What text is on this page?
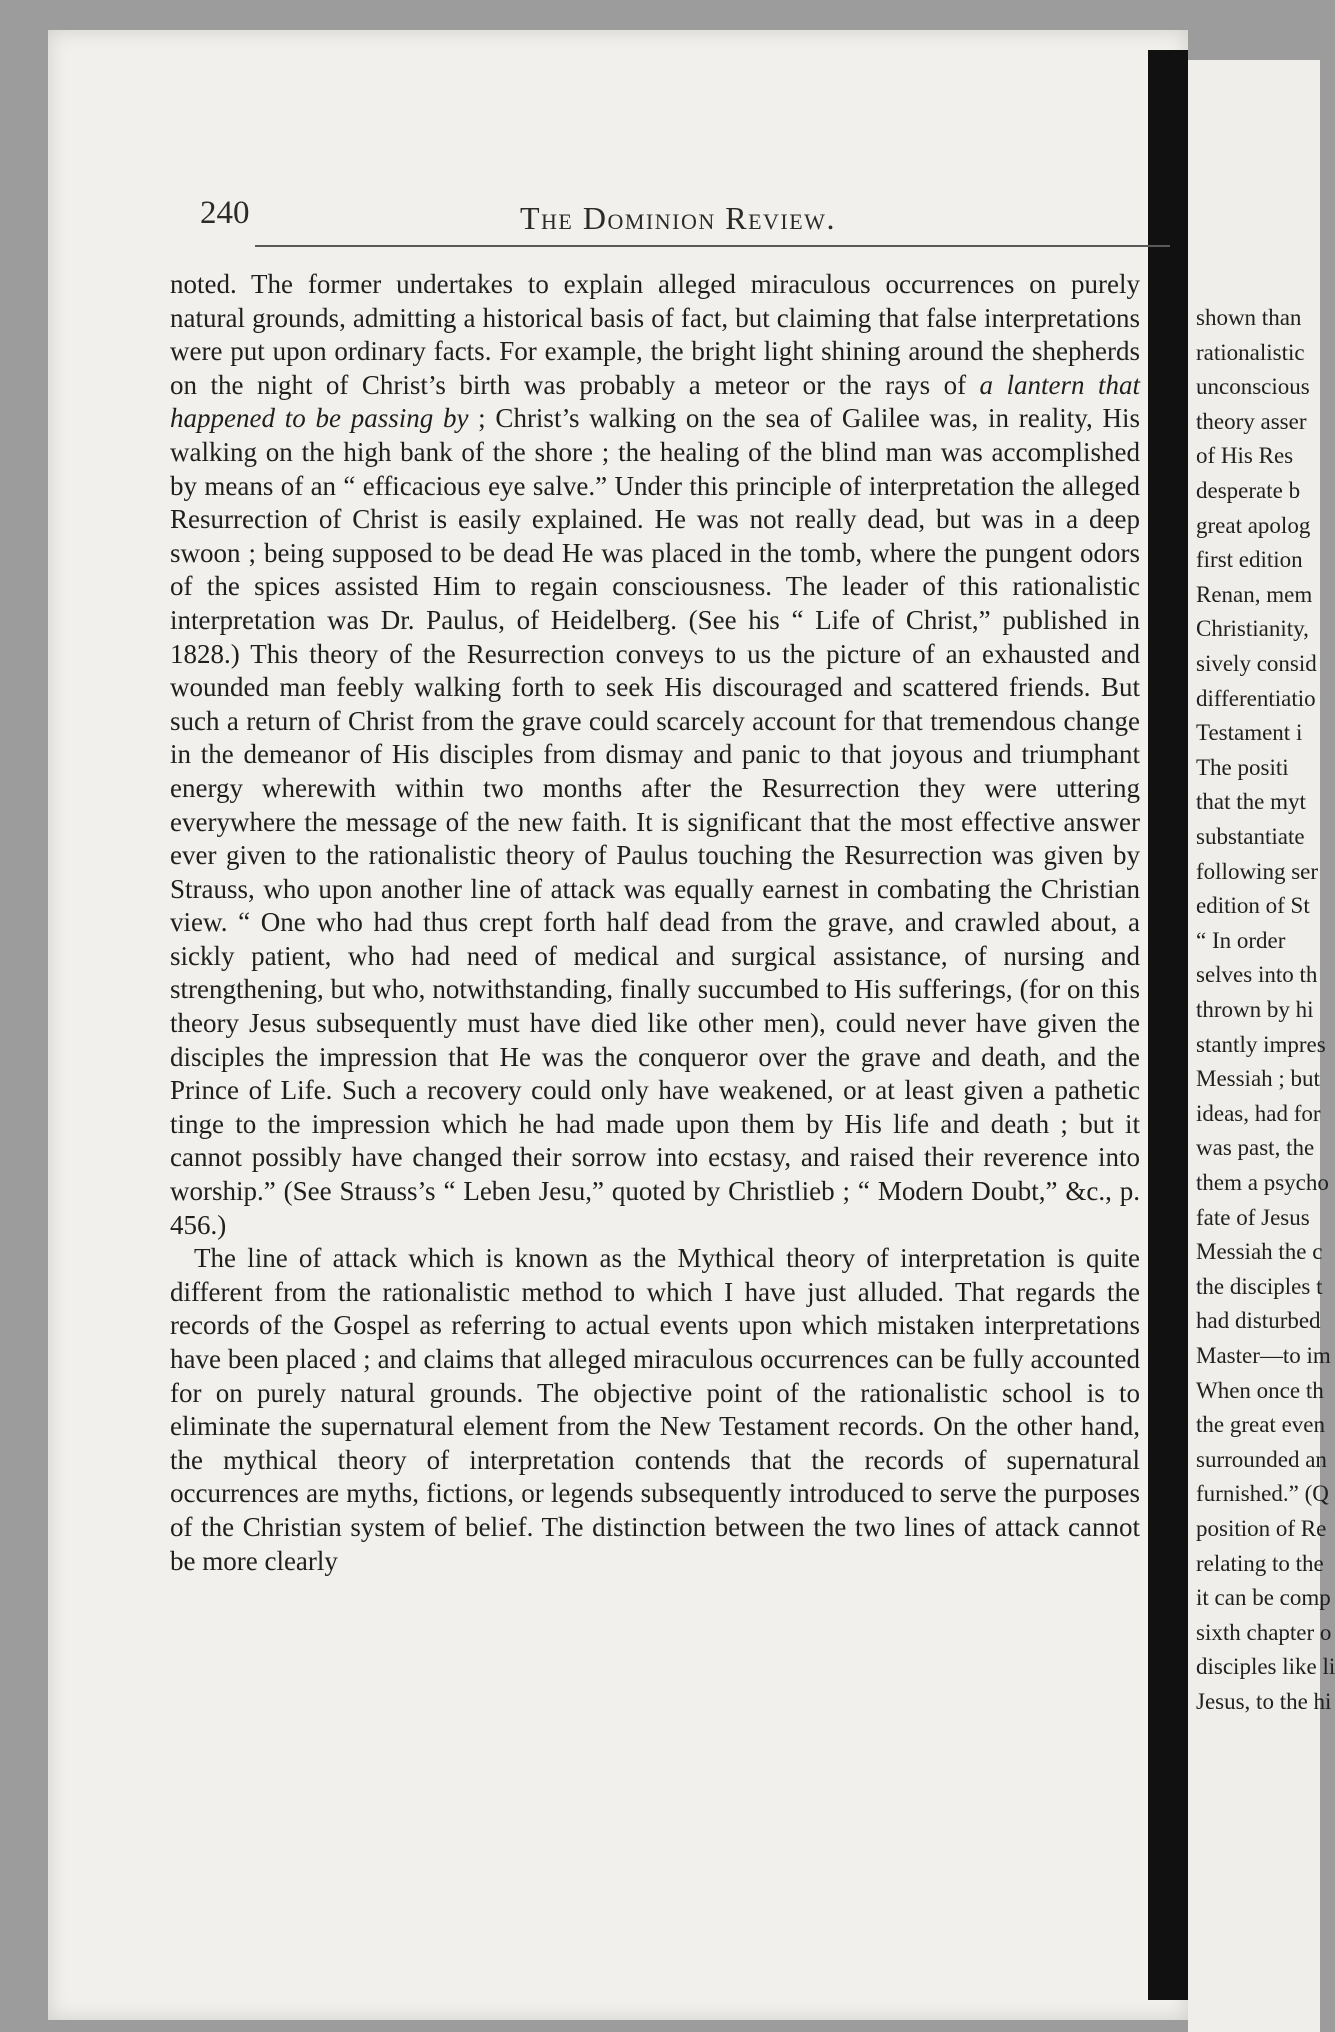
240	The Dominion Review.

noted. The former undertakes to explain alleged miraculous occurrences on purely natural grounds, admitting a historical basis of fact, but claiming that false interpretations were put upon ordinary facts. For example, the bright light shining around the shepherds on the night of Christ’s birth was probably a meteor or the rays of a lantern that happened to be passing by ; Christ’s walking on the sea of Galilee was, in reality, His walking on the high bank of the shore ; the healing of the blind man was accomplished by means of an “ efficacious eye salve.” Under this principle of interpretation the alleged Resurrection of Christ is easily explained. He was not really dead, but was in a deep swoon ; being supposed to be dead He was placed in the tomb, where the pungent odors of the spices assisted Him to regain consciousness. The leader of this rationalistic interpretation was Dr. Paulus, of Heidelberg. (See his “ Life of Christ,” published in 1828.) This theory of the Resurrection conveys to us the picture of an exhausted and wounded man feebly walking forth to seek His discouraged and scattered friends. But such a return of Christ from the grave could scarcely account for that tremendous change in the demeanor of His disciples from dismay and panic to that joyous and triumphant energy wherewith within two months after the Resurrection they were uttering everywhere the message of the new faith. It is significant that the most effective answer ever given to the rationalistic theory of Paulus touching the Resurrection was given by Strauss, who upon another line of attack was equally earnest in combating the Christian view. “ One who had thus crept forth half dead from the grave, and crawled about, a sickly patient, who had need of medical and surgical assistance, of nursing and strengthening, but who, notwithstanding, finally succumbed to His sufferings, (for on this theory Jesus subsequently must have died like other men), could never have given the disciples the impression that He was the conqueror over the grave and death, and the Prince of Life. Such a recovery could only have weakened, or at least given a pathetic tinge to the impression which he had made upon them by His life and death ; but it cannot possibly have changed their sorrow into ecstasy, and raised their reverence into worship.” (See Strauss’s “ Leben Jesu,” quoted by Christlieb ; “ Modern Doubt,” &c., p. 456.)

The line of attack which is known as the Mythical theory of interpretation is quite different from the rationalistic method to which I have just alluded. That regards the records of the Gospel as referring to actual events upon which mistaken interpretations have been placed ; and claims that alleged miraculous occurrences can be fully accounted for on purely natural grounds. The objective point of the rationalistic school is to eliminate the supernatural element from the New Testament records. On the other hand, the mythical theory of interpretation contends that the records of supernatural occurrences are myths, fictions, or legends subsequently introduced to serve the purposes of the Christian system of belief. The distinction between the two lines of attack cannot be more clearly

shown than
rationalistic
unconscious
theory asser
of His Res
desperate b
great apolog
first edition
Renan, mem
Christianity,
sively consid
differentiatio
Testament i
The positi
that the myt
substantiate
following ser
edition of St
“ In order
selves into th
thrown by hi
stantly impres
Messiah ; but
ideas, had for
was past, the
them a psycho
fate of Jesus
Messiah the c
the disciples t
had disturbed
Master—to im
When once th
the great even
surrounded an
furnished.” (Q
position of Re
relating to the
it can be comp
sixth chapter o
disciples like li
Jesus, to the hi
